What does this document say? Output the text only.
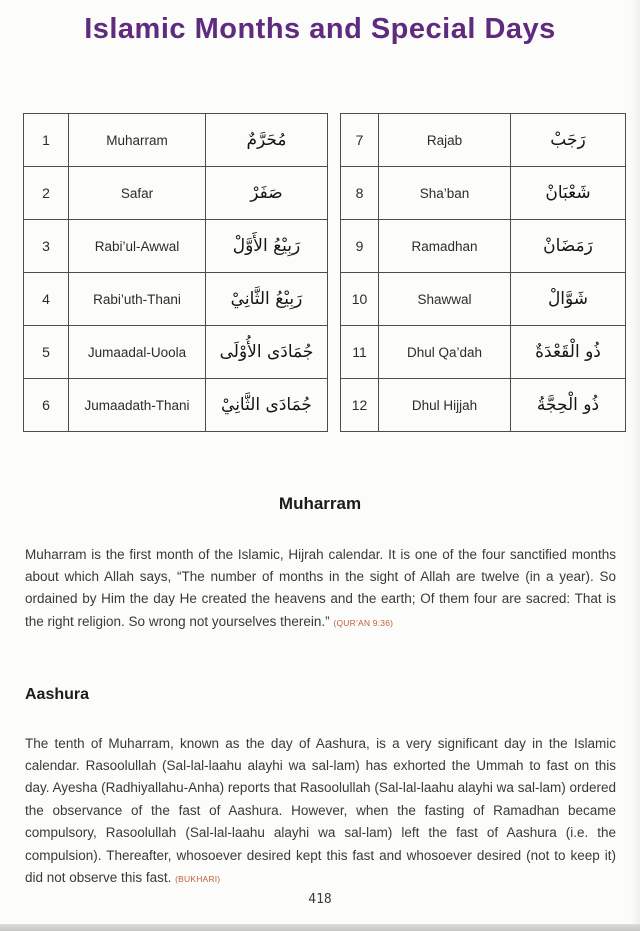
Islamic Months and Special Days
1	Muharram	مُحَرَّمٌ
2	Safar	صَفَرْ
3	Rabi’ul-Awwal	رَبِيْعُ الأَوَّلْ
4	Rabi’uth-Thani	رَبِيْعُ الثَّانِيْ
5	Jumaadal-Uoola	جُمَادَى الأُوْلَى
6	Jumaadath-Thani	جُمَادَى الثَّانِيْ
7	Rajab	رَجَبْ
8	Sha’ban	شَعْبَانْ
9	Ramadhan	رَمَضَانْ
10	Shawwal	شَوَّالْ
11	Dhul Qa’dah	ذُو الْقَعْدَةٌ
12	Dhul Hijjah	ذُو الْحِجَّةُ
Muharram

Muharram is the first month of the Islamic, Hijrah calendar. It is one of the four sanctified months about which Allah says, “The number of months in the sight of Allah are twelve (in a year). So ordained by Him the day He created the heavens and the earth; Of them four are sacred: That is the right religion. So wrong not yourselves therein.” (QUR’AN 9:36)

Aashura

The tenth of Muharram, known as the day of Aashura, is a very significant day in the Islamic calendar. Rasoolullah (Sal-lal-laahu alayhi wa sal-lam) has exhorted the Ummah to fast on this day. Ayesha (Radhiyallahu-Anha) reports that Rasoolullah (Sal-lal-laahu alayhi wa sal-lam) ordered the observance of the fast of Aashura. However, when the fasting of Ramadhan became compulsory, Rasoolullah (Sal-lal-laahu alayhi wa sal-lam) left the fast of Aashura (i.e. the compulsion). Thereafter, whosoever desired kept this fast and whosoever desired (not to keep it) did not observe this fast. (BUKHARI)

418
